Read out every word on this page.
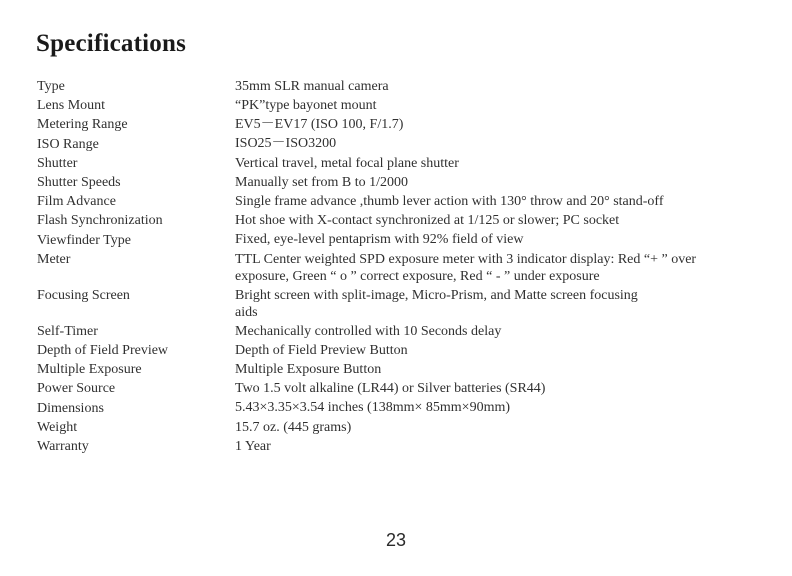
Specifications
Type	35mm SLR manual camera
Lens Mount	“PK”type bayonet mount
Metering Range	EV5－EV17 (ISO 100, F/1.7)
ISO Range	ISO25－ISO3200
Shutter	Vertical travel, metal focal plane shutter
Shutter Speeds	Manually set from B to 1/2000
Film Advance	Single frame advance ,thumb lever action with 130° throw and 20° stand-off
Flash Synchronization	Hot shoe with X-contact synchronized at 1/125 or slower; PC socket
Viewfinder Type	Fixed, eye-level pentaprism with 92% field of view
Meter	TTL Center weighted SPD exposure meter with 3 indicator display: Red “+ ” over exposure, Green “ o ” correct exposure, Red “ - ” under exposure
Focusing Screen	Bright screen with split-image, Micro-Prism, and Matte screen focusing aids
Self-Timer	Mechanically controlled with 10 Seconds delay
Depth of Field Preview	Depth of Field Preview Button
Multiple Exposure	Multiple Exposure Button
Power Source	Two 1.5 volt alkaline (LR44) or Silver batteries (SR44)
Dimensions	5.43×3.35×3.54 inches (138mm× 85mm×90mm)
Weight	15.7 oz. (445 grams)
Warranty	1 Year
23
